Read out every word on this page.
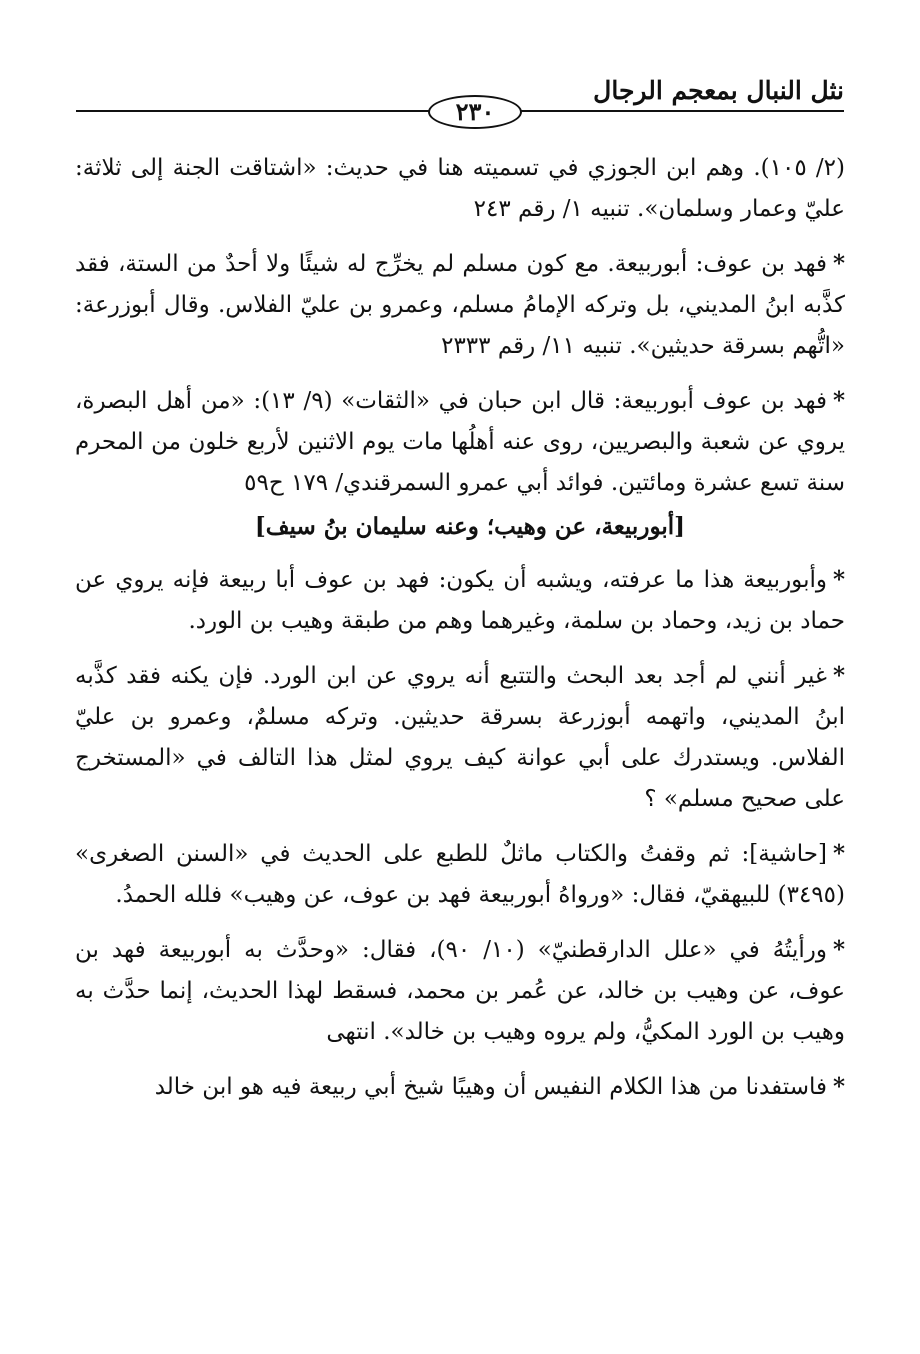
نثل النبال بمعجم الرجال
٢٣٠

(٢/ ١٠٥). وهم ابن الجوزي في تسميته هنا في حديث: «اشتاقت الجنة إلى ثلاثة: عليّ وعمار وسلمان». تنبيه ١/ رقم ٢٤٣

*فهد بن عوف: أبوربيعة. مع كون مسلم لم يخرِّج له شيئًا ولا أحدٌ من الستة، فقد كذَّبه ابنُ المديني، بل وتركه الإمامُ مسلم، وعمرو بن عليّ الفلاس. وقال أبوزرعة: «اتُّهم بسرقة حديثين». تنبيه ١١/ رقم ٢٣٣٣

*فهد بن عوف أبوربيعة: قال ابن حبان في «الثقات» (٩/ ١٣): «من أهل البصرة، يروي عن شعبة والبصريين، روى عنه أهلُها مات يوم الاثنين لأربع خلون من المحرم سنة تسع عشرة ومائتين. فوائد أبي عمرو السمرقندي/ ١٧٩ ح٥٩

[أبوربيعة، عن وهيب؛ وعنه سليمان بنُ سيف]

*وأبوربيعة هذا ما عرفته، ويشبه أن يكون: فهد بن عوف أبا ربيعة فإنه يروي عن حماد بن زيد، وحماد بن سلمة، وغيرهما وهم من طبقة وهيب بن الورد.

*غير أنني لم أجد بعد البحث والتتبع أنه يروي عن ابن الورد. فإن يكنه فقد كذَّبه ابنُ المديني، واتهمه أبوزرعة بسرقة حديثين. وتركه مسلمٌ، وعمرو بن عليّ الفلاس. ويستدرك على أبي عوانة كيف يروي لمثل هذا التالف في «المستخرج على صحيح مسلم» ؟

*[حاشية]: ثم وقفتُ والكتاب ماثلٌ للطبع على الحديث في «السنن الصغرى» (٣٤٩٥) للبيهقيّ، فقال: «ورواهُ أبوربيعة فهد بن عوف، عن وهيب» فلله الحمدُ.

*ورأيتُهُ في «علل الدارقطنيّ» (١٠/ ٩٠)، فقال: «وحدَّث به أبوربيعة فهد بن عوف، عن وهيب بن خالد، عن عُمر بن محمد، فسقط لهذا الحديث، إنما حدَّث به وهيب بن الورد المكيُّ، ولم يروه وهيب بن خالد». انتهى

*فاستفدنا من هذا الكلام النفيس أن وهيبًا شيخ أبي ربيعة فيه هو ابن خالد
